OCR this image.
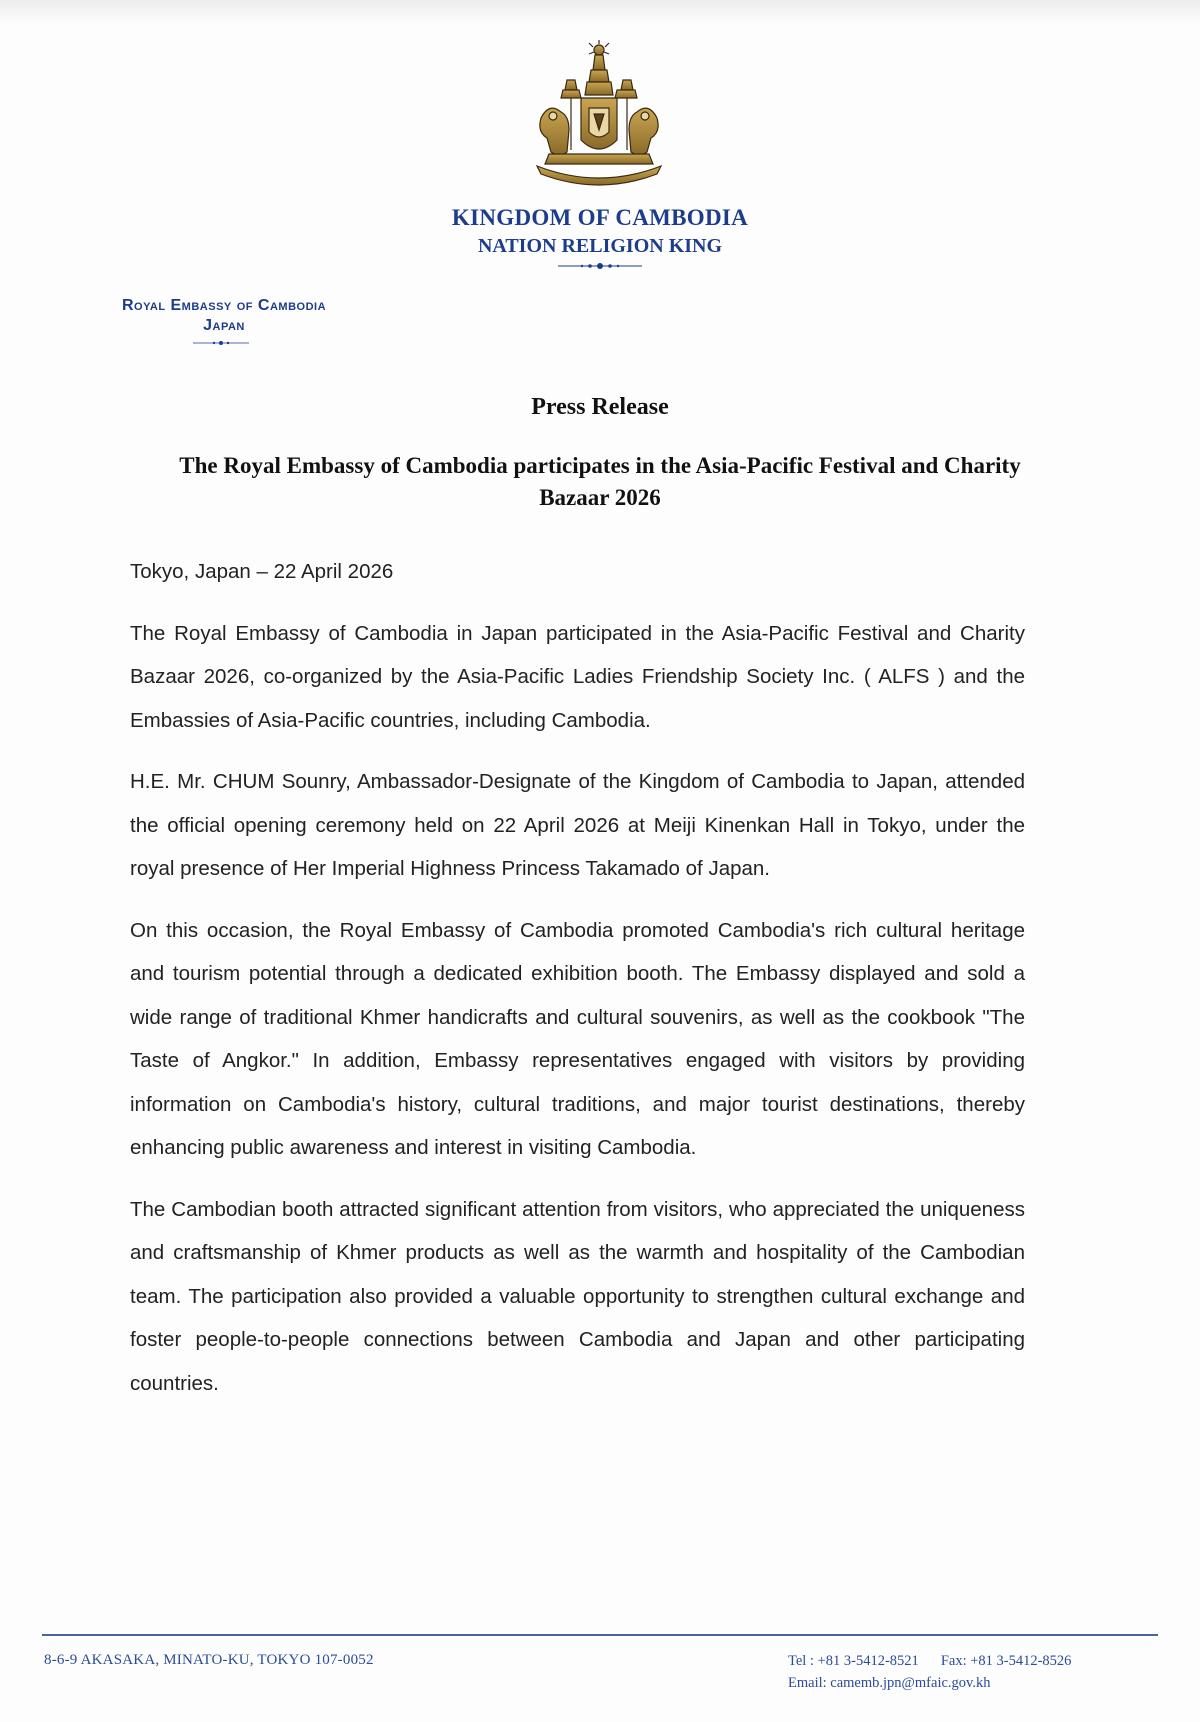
KINGDOM OF CAMBODIA
NATION RELIGION KING
Royal Embassy of Cambodia
Japan
Press Release
The Royal Embassy of Cambodia participates in the Asia-Pacific Festival and Charity Bazaar 2026

Tokyo, Japan – 22 April 2026

The Royal Embassy of Cambodia in Japan participated in the Asia-Pacific Festival and Charity Bazaar 2026, co-organized by the Asia-Pacific Ladies Friendship Society Inc. ( ALFS ) and the Embassies of Asia-Pacific countries, including Cambodia.

H.E. Mr. CHUM Sounry, Ambassador-Designate of the Kingdom of Cambodia to Japan, attended the official opening ceremony held on 22 April 2026 at Meiji Kinenkan Hall in Tokyo, under the royal presence of Her Imperial Highness Princess Takamado of Japan.

On this occasion, the Royal Embassy of Cambodia promoted Cambodia's rich cultural heritage and tourism potential through a dedicated exhibition booth. The Embassy displayed and sold a wide range of traditional Khmer handicrafts and cultural souvenirs, as well as the cookbook "The Taste of Angkor." In addition, Embassy representatives engaged with visitors by providing information on Cambodia's history, cultural traditions, and major tourist destinations, thereby enhancing public awareness and interest in visiting Cambodia.

The Cambodian booth attracted significant attention from visitors, who appreciated the uniqueness and craftsmanship of Khmer products as well as the warmth and hospitality of the Cambodian team. The participation also provided a valuable opportunity to strengthen cultural exchange and foster people-to-people connections between Cambodia and Japan and other participating countries.

8-6-9 AKASAKA, MINATO-KU, TOKYO 107-0052	Tel : +81 3-5412-8521 Fax: +81 3-5412-8526
Email: camemb.jpn@mfaic.gov.kh
